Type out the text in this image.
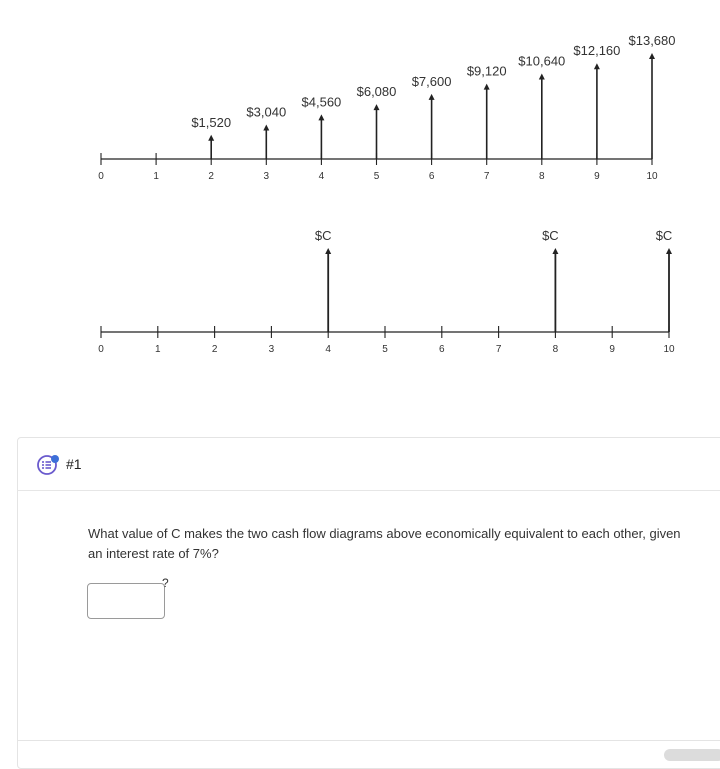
0	1	2	3	4	5	6	7	8	9	10
$1,520
$3,040
$4,560
$6,080
$7,600
$9,120
$10,640
$12,160
$13,680
0	1	2	3	4	5	6	7	8	9	10
$C	$C	$C
#1
What value of C makes the two cash flow diagrams above economically equivalent to each other, given an interest rate of 7%?
?
